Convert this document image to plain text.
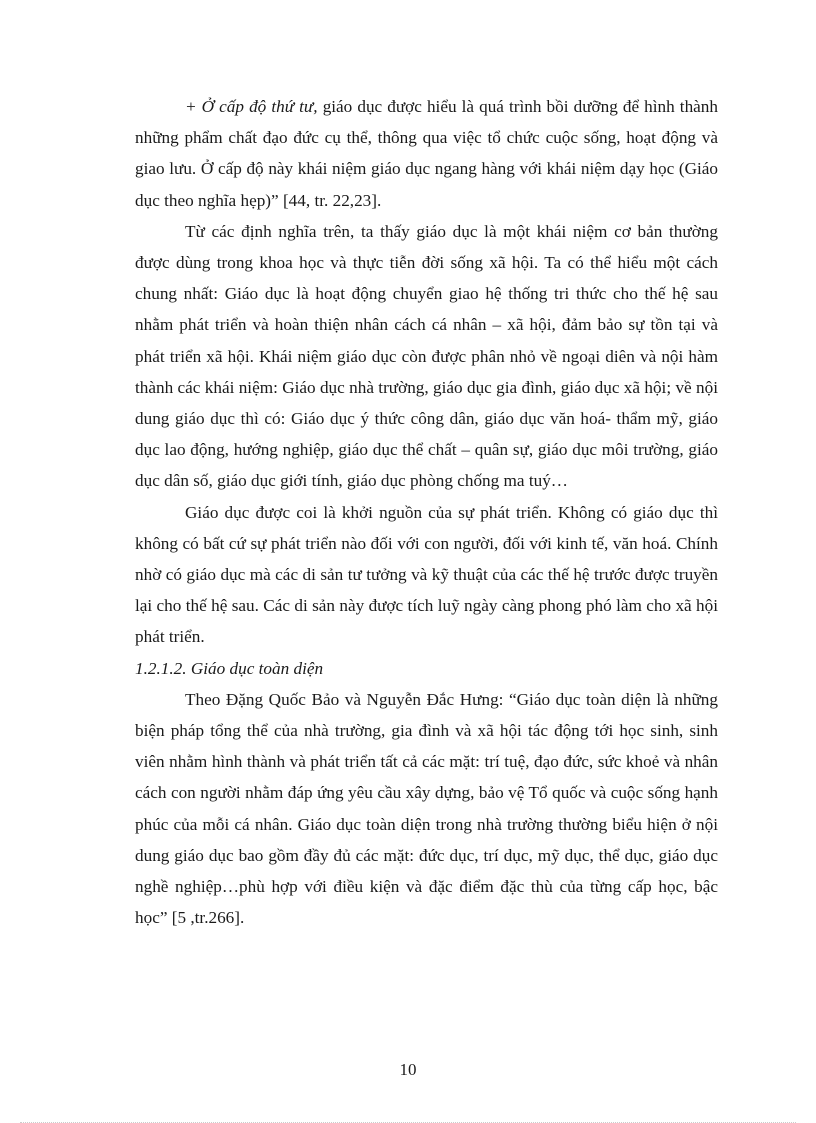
+ Ở cấp độ thứ tư, giáo dục được hiểu là quá trình bồi dưỡng để hình thành những phẩm chất đạo đức cụ thể, thông qua việc tổ chức cuộc sống, hoạt động và giao lưu. Ở cấp độ này khái niệm giáo dục ngang hàng với khái niệm dạy học (Giáo dục theo nghĩa hẹp)” [44, tr. 22,23].

Từ các định nghĩa trên, ta thấy giáo dục là một khái niệm cơ bản thường được dùng trong khoa học và thực tiễn đời sống xã hội. Ta có thể hiểu một cách chung nhất: Giáo dục là hoạt động chuyển giao hệ thống tri thức cho thế hệ sau nhằm phát triển và hoàn thiện nhân cách cá nhân – xã hội, đảm bảo sự tồn tại và phát triển xã hội. Khái niệm giáo dục còn được phân nhỏ về ngoại diên và nội hàm thành các khái niệm: Giáo dục nhà trường, giáo dục gia đình, giáo dục xã hội; về nội dung giáo dục thì có: Giáo dục ý thức công dân, giáo dục văn hoá- thẩm mỹ, giáo dục lao động, hướng nghiệp, giáo dục thể chất – quân sự, giáo dục môi trường, giáo dục dân số, giáo dục giới tính, giáo dục phòng chống ma tuý…

Giáo dục được coi là khởi nguồn của sự phát triển. Không có giáo dục thì không có bất cứ sự phát triển nào đối với con người, đối với kinh tế, văn hoá. Chính nhờ có giáo dục mà các di sản tư tưởng và kỹ thuật của các thế hệ trước được truyền lại cho thế hệ sau. Các di sản này được tích luỹ ngày càng phong phó làm cho xã hội phát triển.

1.2.1.2. Giáo dục toàn diện

Theo Đặng Quốc Bảo và Nguyễn Đắc Hưng: “Giáo dục toàn diện là những biện pháp tổng thể của nhà trường, gia đình và xã hội tác động tới học sinh, sinh viên nhằm hình thành và phát triển tất cả các mặt: trí tuệ, đạo đức, sức khoẻ và nhân cách con người nhằm đáp ứng yêu cầu xây dựng, bảo vệ Tổ quốc và cuộc sống hạnh phúc của mỗi cá nhân. Giáo dục toàn diện trong nhà trường thường biểu hiện ở nội dung giáo dục bao gồm đầy đủ các mặt: đức dục, trí dục, mỹ dục, thể dục, giáo dục nghề nghiệp…phù hợp với điều kiện và đặc điểm đặc thù của từng cấp học, bậc học” [5 ,tr.266].

10
